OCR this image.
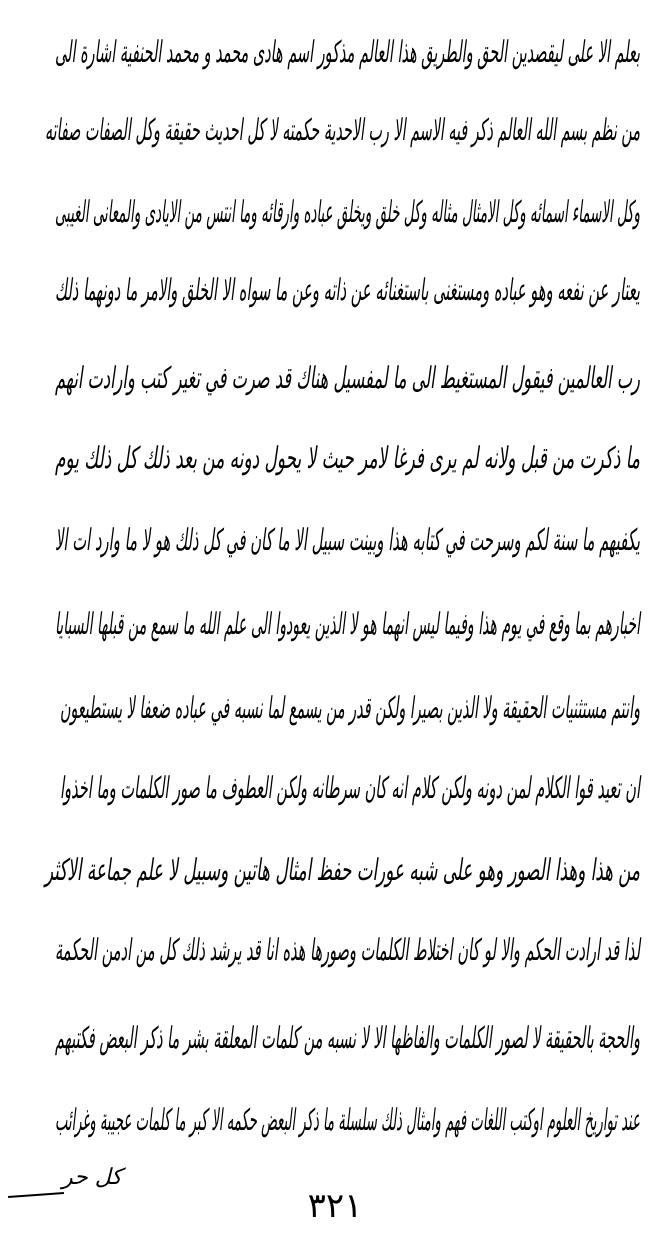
بعلم الا على ليقصدين الحق والطريق هذا العالم مذكور اسم هادى محمد و محمد الحنفية اشارة الى
من نظم بسم الله العالم ذكر فيه الاسم الا رب الاحدية حكمته لا كل احديث حقيقة وكل الصفات صفاته
وكل الاسماء اسمائه وكل الامثال مثاله وكل خلق ويخلق عباده وارقائه وما انتس من الايادى والمعانى الغيبى
يعتار عن نفعه وهو عباده ومستغنى باستغنائه عن ذاته وعن ما سواه الا الخلق والامر ما دونهما ذلك
رب العالمين فيقول المستغيط الى ما لمفسيل هناك قد صرت في تغير كتب وارادت انهم
ما ذكرت من قبل ولانه لم يرى فرغا لامر حيث لا يحول دونه من بعد ذلك كل ذلك يوم
يكفيهم ما سنة لكم وسرحت في كتابه هذا وبينت سبيل الا ما كان في كل ذلك هو لا ما وارد ات الا
اخبارهم بما وقع في يوم هذا وفيما ليس انهما هو لا الذين يعودوا الى علم الله ما سمع من قبلها السبايا
وانتم مستثنيات الحقيقة ولا الذين بصيرا ولكن قدر من يسمع لما نسبه في عباده ضعفا لا يستطيعون
ان تعيد قوا الكلام لمن دونه ولكن كلام انه كان سرطانه ولكن العطوف ما صور الكلمات وما اخذوا
من هذا وهذا الصور وهو على شبه عورات حفظ امثال هاتين وسبيل لا علم جماعة الاكثر
لذا قد ارادت الحكم والا لو كان اختلاط الكلمات وصورها هذه انا قد يرشد ذلك كل من ادمن الحكمة
والحجة بالحقيقة لا لصور الكلمات والفاظها الا لا نسبه من كلمات المعلقة بشر ما ذكر البعض فكتبهم
عند تواريخ العلوم اوكتب اللغات فهم وامثال ذلك سلسلة ما ذكر البعض حكمه الا كبر ما كلمات عجيبة وغرائب
كل حر
۳۲۱
